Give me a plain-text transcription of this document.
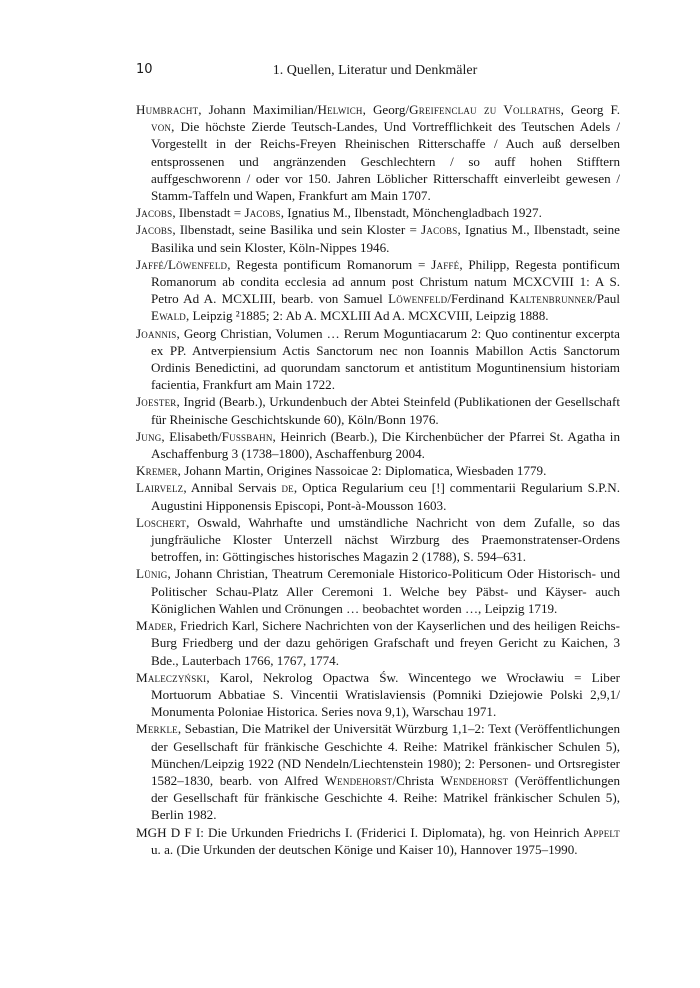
10	1. Quellen, Literatur und Denkmäler

Humbracht, Johann Maximilian/Helwich, Georg/Greifenclau zu Vollraths, Georg F. von, Die höchste Zierde Teutsch-Landes, Und Vortrefflichkeit des Teutschen Adels / Vorgestellt in der Reichs-Freyen Rheinischen Ritterschaffe / Auch auß derselben entsprossenen und angränzenden Geschlechtern / so auff hohen Stifftern auffgeschworenn / oder vor 150. Jahren Löblicher Ritterschafft einverleibt gewesen / Stamm-Taffeln und Wapen, Frankfurt am Main 1707.

Jacobs, Ilbenstadt = Jacobs, Ignatius M., Ilbenstadt, Mönchengladbach 1927.

Jacobs, Ilbenstadt, seine Basilika und sein Kloster = Jacobs, Ignatius M., Ilbenstadt, seine Basilika und sein Kloster, Köln-Nippes 1946.

Jaffé/Löwenfeld, Regesta pontificum Romanorum = Jaffé, Philipp, Regesta pontificum Romanorum ab condita ecclesia ad annum post Christum natum MCXCVIII 1: A S. Petro Ad A. MCXLIII, bearb. von Samuel Löwenfeld/Ferdinand Kaltenbrunner/Paul Ewald, Leipzig ²1885; 2: Ab A. MCXLIII Ad A. MCXCVIII, Leipzig 1888.

Joannis, Georg Christian, Volumen … Rerum Moguntiacarum 2: Quo continentur excerpta ex PP. Antverpiensium Actis Sanctorum nec non Ioannis Mabillon Actis Sanctorum Ordinis Benedictini, ad quorundam sanctorum et antistitum Moguntinensium historiam facientia, Frankfurt am Main 1722.

Joester, Ingrid (Bearb.), Urkundenbuch der Abtei Steinfeld (Publikationen der Gesellschaft für Rheinische Geschichtskunde 60), Köln/Bonn 1976.

Jung, Elisabeth/Fussbahn, Heinrich (Bearb.), Die Kirchenbücher der Pfarrei St. Agatha in Aschaffenburg 3 (1738–1800), Aschaffenburg 2004.

Kremer, Johann Martin, Origines Nassoicae 2: Diplomatica, Wiesbaden 1779.

Lairvelz, Annibal Servais de, Optica Regularium ceu [!] commentarii Regularium S.P.N. Augustini Hipponensis Episcopi, Pont-à-Mousson 1603.

Loschert, Oswald, Wahrhafte und umständliche Nachricht von dem Zufalle, so das jungfräuliche Kloster Unterzell nächst Wirzburg des Praemonstratenser-Ordens betroffen, in: Göttingisches historisches Magazin 2 (1788), S. 594–631.

Lünig, Johann Christian, Theatrum Ceremoniale Historico-Politicum Oder Historisch- und Politischer Schau-Platz Aller Ceremoni 1. Welche bey Päbst- und Käyser- auch Königlichen Wahlen und Crönungen … beobachtet worden …, Leipzig 1719.

Mader, Friedrich Karl, Sichere Nachrichten von der Kayserlichen und des heiligen Reichs-Burg Friedberg und der dazu gehörigen Grafschaft und freyen Gericht zu Kaichen, 3 Bde., Lauterbach 1766, 1767, 1774.

Maleczyński, Karol, Nekrolog Opactwa Św. Wincentego we Wrocławiu = Liber Mortuorum Abbatiae S. Vincentii Wratislaviensis (Pomniki Dziejowie Polski 2,9,1/ Monumenta Poloniae Historica. Series nova 9,1), Warschau 1971.

Merkle, Sebastian, Die Matrikel der Universität Würzburg 1,1–2: Text (Veröffentlichungen der Gesellschaft für fränkische Geschichte 4. Reihe: Matrikel fränkischer Schulen 5), München/Leipzig 1922 (ND Nendeln/Liechtenstein 1980); 2: Personen- und Ortsregister 1582–1830, bearb. von Alfred Wendehorst/Christa Wendehorst (Veröffentlichungen der Gesellschaft für fränkische Geschichte 4. Reihe: Matrikel fränkischer Schulen 5), Berlin 1982.

MGH D F I: Die Urkunden Friedrichs I. (Friderici I. Diplomata), hg. von Heinrich Appelt u. a. (Die Urkunden der deutschen Könige und Kaiser 10), Hannover 1975–1990.
